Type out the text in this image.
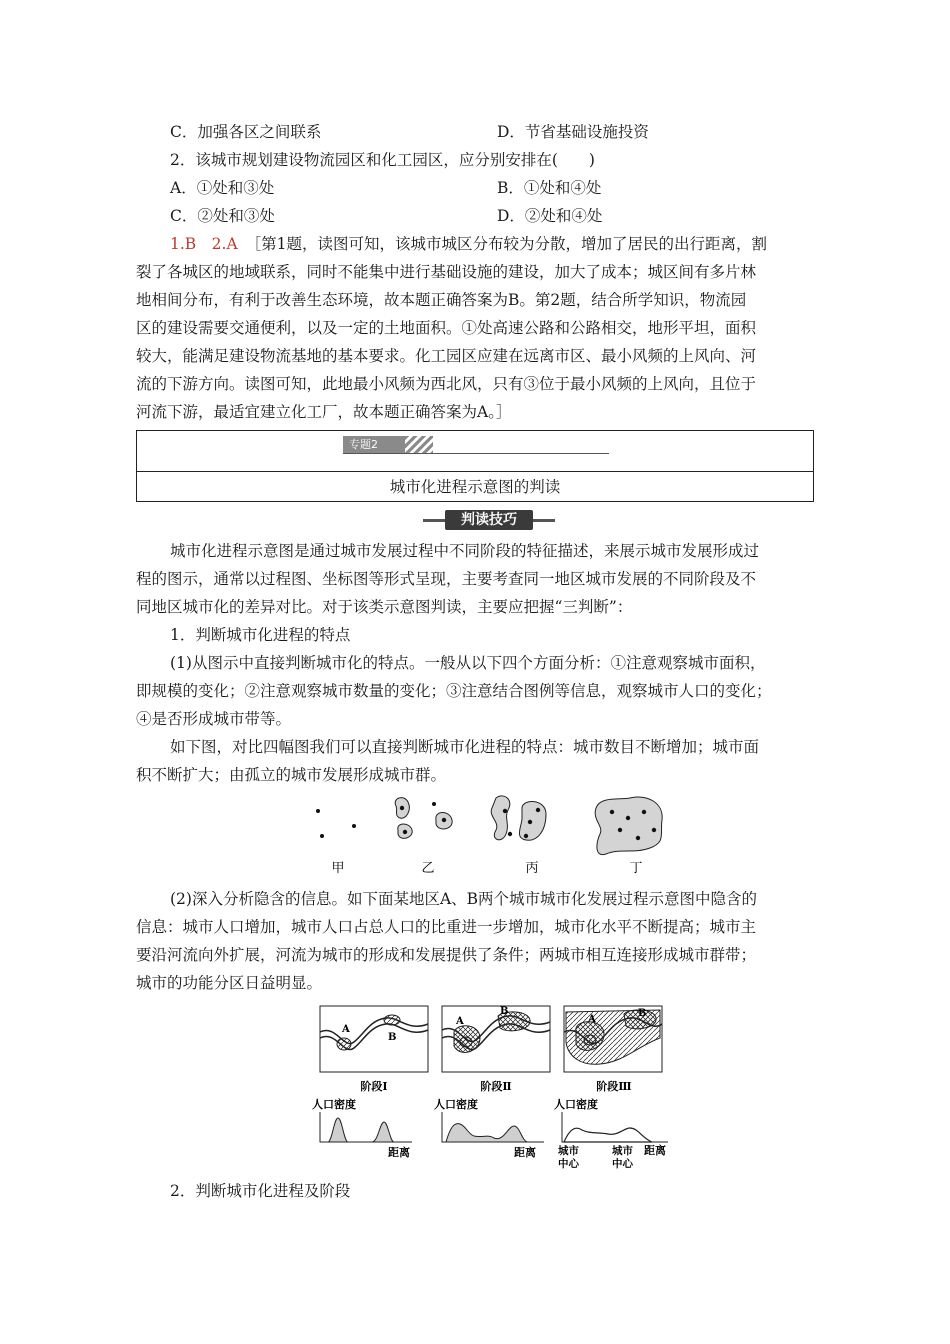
C．加强各区之间联系	D．节省基础设施投资
2．该城市规划建设物流园区和化工园区，应分别安排在(　　)
A．①处和③处	B．①处和④处
C．②处和③处	D．②处和④处
1.B　2.A ［第1题，读图可知，该城市城区分布较为分散，增加了居民的出行距离，割
裂了各城区的地域联系，同时不能集中进行基础设施的建设，加大了成本；城区间有多片林
地相间分布，有利于改善生态环境，故本题正确答案为B。第2题，结合所学知识，物流园
区的建设需要交通便利，以及一定的土地面积。①处高速公路和公路相交，地形平坦，面积
较大，能满足建设物流基地的基本要求。化工园区应建在远离市区、最小风频的上风向、河
流的下游方向。读图可知，此地最小风频为西北风，只有③位于最小风频的上风向，且位于
河流下游，最适宜建立化工厂，故本题正确答案为A。］
专题2
城市化进程示意图的判读
判读技巧
城市化进程示意图是通过城市发展过程中不同阶段的特征描述，来展示城市发展形成过
程的图示，通常以过程图、坐标图等形式呈现，主要考查同一地区城市发展的不同阶段及不
同地区城市化的差异对比。对于该类示意图判读，主要应把握“三判断”：
1．判断城市化进程的特点
(1)从图示中直接判断城市化的特点。一般从以下四个方面分析：①注意观察城市面积，
即规模的变化；②注意观察城市数量的变化；③注意结合图例等信息，观察城市人口的变化；
④是否形成城市带等。
如下图，对比四幅图我们可以直接判断城市化进程的特点：城市数目不断增加；城市面
积不断扩大；由孤立的城市发展形成城市群。
甲	乙	丙	丁
(2)深入分析隐含的信息。如下面某地区A、B两个城市城市化发展过程示意图中隐含的
信息：城市人口增加，城市人口占总人口的比重进一步增加，城市化水平不断提高；城市主
要沿河流向外扩展，河流为城市的形成和发展提供了条件；两城市相互连接形成城市群带；
城市的功能分区日益明显。
A
B
A
B
A
B
阶段Ⅰ	阶段Ⅱ	阶段Ⅲ
人口密度
距离
人口密度
距离
人口密度
城市中心
城市中心
距离
2．判断城市化进程及阶段
